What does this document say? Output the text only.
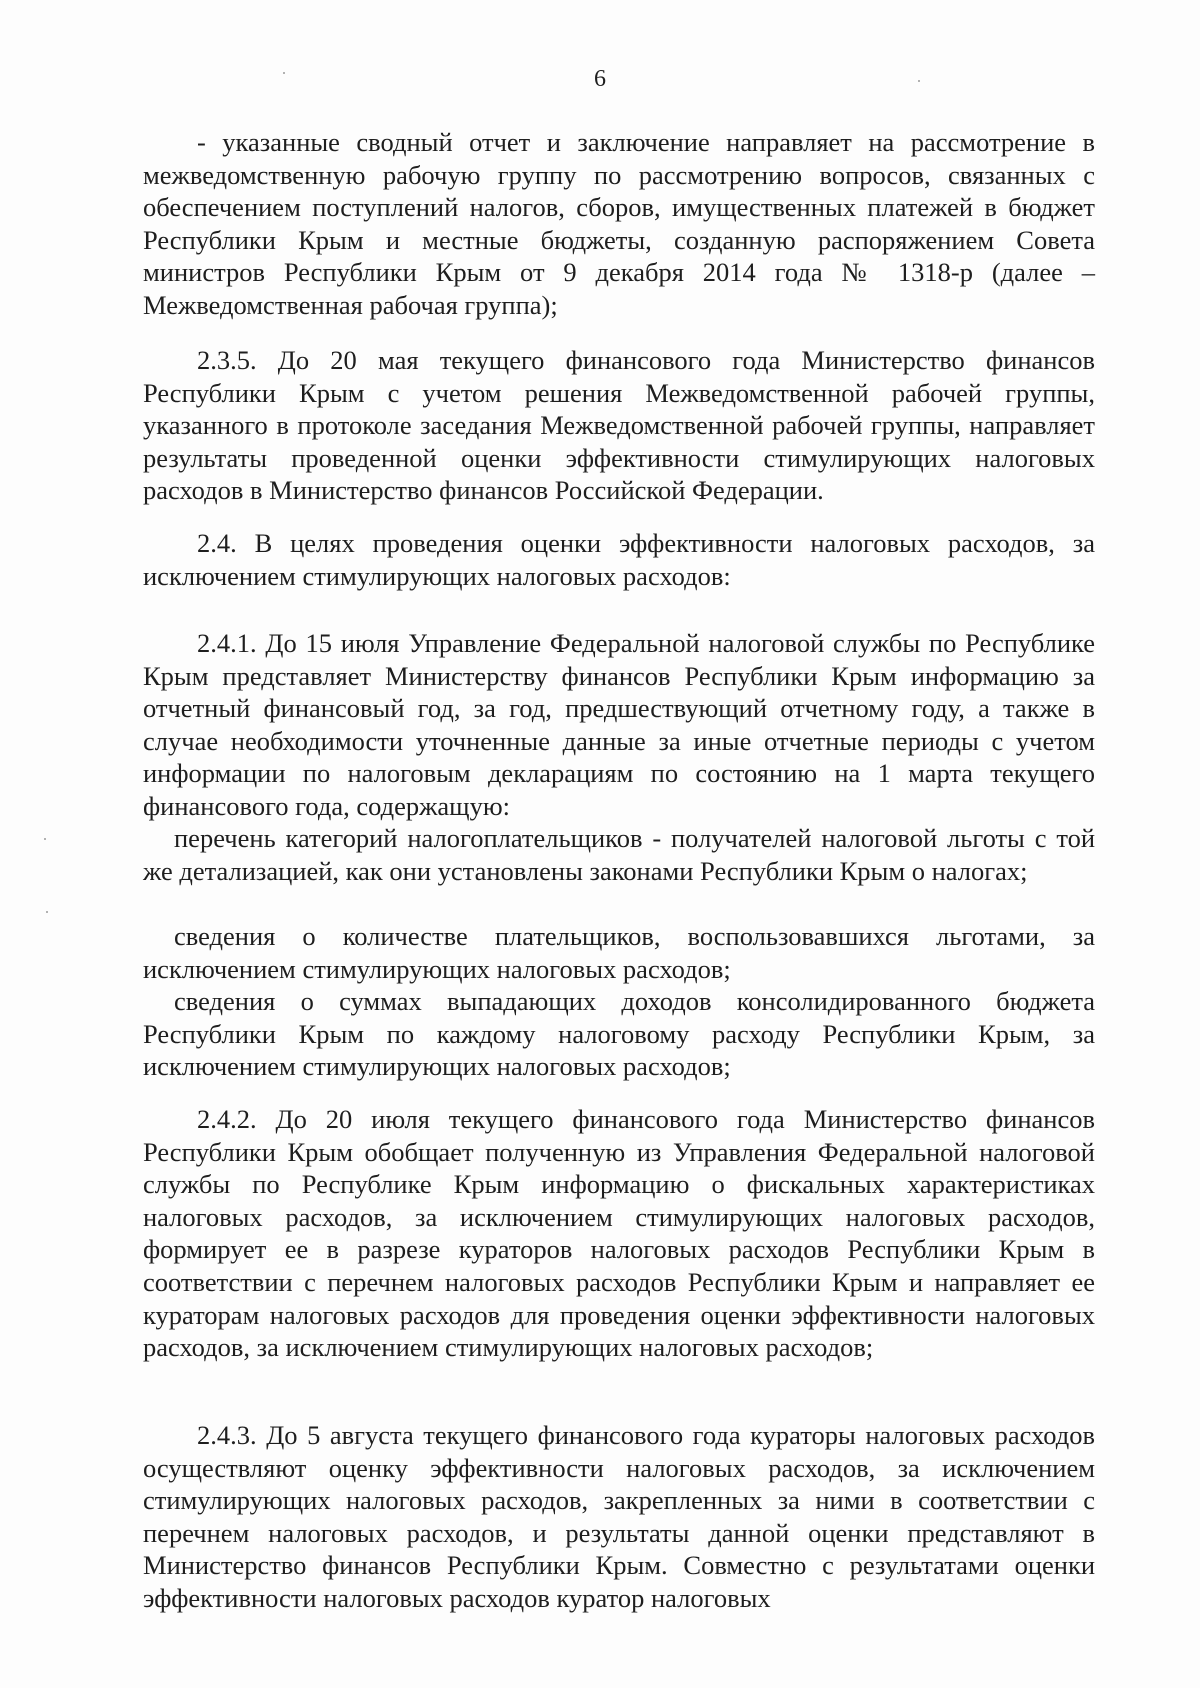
6

- указанные сводный отчет и заключение направляет на рассмотрение в межведомственную рабочую группу по рассмотрению вопросов, связанных с обеспечением поступлений налогов, сборов, имущественных платежей в бюджет Республики Крым и местные бюджеты, созданную распоряжением Совета министров Республики Крым от 9 декабря 2014 года № 1318-р (далее – Межведомственная рабочая группа);

2.3.5. До 20 мая текущего финансового года Министерство финансов Республики Крым с учетом решения Межведомственной рабочей группы, указанного в протоколе заседания Межведомственной рабочей группы, направляет результаты проведенной оценки эффективности стимулирующих налоговых расходов в Министерство финансов Российской Федерации.

2.4. В целях проведения оценки эффективности налоговых расходов, за исключением стимулирующих налоговых расходов:

2.4.1. До 15 июля Управление Федеральной налоговой службы по Республике Крым представляет Министерству финансов Республики Крым информацию за отчетный финансовый год, за год, предшествующий отчетному году, а также в случае необходимости уточненные данные за иные отчетные периоды с учетом информации по налоговым декларациям по состоянию на 1 марта текущего финансового года, содержащую:

перечень категорий налогоплательщиков - получателей налоговой льготы с той же детализацией, как они установлены законами Республики Крым о налогах;

сведения о количестве плательщиков, воспользовавшихся льготами, за исключением стимулирующих налоговых расходов;

сведения о суммах выпадающих доходов консолидированного бюджета Республики Крым по каждому налоговому расходу Республики Крым, за исключением стимулирующих налоговых расходов;

2.4.2. До 20 июля текущего финансового года Министерство финансов Республики Крым обобщает полученную из Управления Федеральной налоговой службы по Республике Крым информацию о фискальных характеристиках налоговых расходов, за исключением стимулирующих налоговых расходов, формирует ее в разрезе кураторов налоговых расходов Республики Крым в соответствии с перечнем налоговых расходов Республики Крым и направляет ее кураторам налоговых расходов для проведения оценки эффективности налоговых расходов, за исключением стимулирующих налоговых расходов;

2.4.3. До 5 августа текущего финансового года кураторы налоговых расходов осуществляют оценку эффективности налоговых расходов, за исключением стимулирующих налоговых расходов, закрепленных за ними в соответствии с перечнем налоговых расходов, и результаты данной оценки представляют в Министерство финансов Республики Крым. Совместно с результатами оценки эффективности налоговых расходов куратор налоговых
